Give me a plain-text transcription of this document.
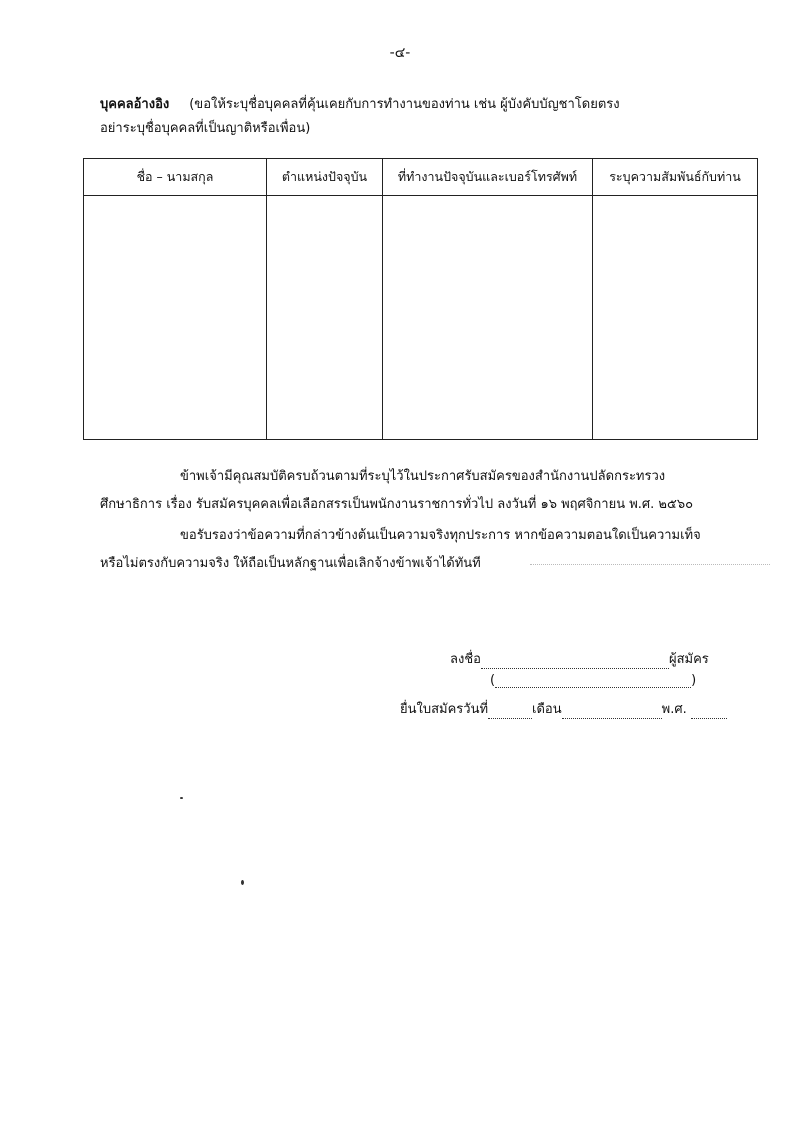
-๔-
บุคคลอ้างอิง (ขอให้ระบุชื่อบุคคลที่คุ้นเคยกับการทำงานของท่าน เช่น ผู้บังคับบัญชาโดยตรง
อย่าระบุชื่อบุคคลที่เป็นญาติหรือเพื่อน)
ชื่อ – นามสกุล	ตำแหน่งปัจจุบัน	ที่ทำงานปัจจุบันและเบอร์โทรศัพท์	ระบุความสัมพันธ์กับท่าน

ข้าพเจ้ามีคุณสมบัติครบถ้วนตามที่ระบุไว้ในประกาศรับสมัครของสำนักงานปลัดกระทรวง
ศึกษาธิการ เรื่อง รับสมัครบุคคลเพื่อเลือกสรรเป็นพนักงานราชการทั่วไป ลงวันที่ ๑๖ พฤศจิกายน พ.ศ. ๒๕๖๐
ขอรับรองว่าข้อความที่กล่าวข้างต้นเป็นความจริงทุกประการ หากข้อความตอนใดเป็นความเท็จ
หรือไม่ตรงกับความจริง ให้ถือเป็นหลักฐานเพื่อเลิกจ้างข้าพเจ้าได้ทันที
ลงชื่อ	ผู้สมัคร
(	)
ยื่นใบสมัครวันที่	เดือน	พ.ศ.
